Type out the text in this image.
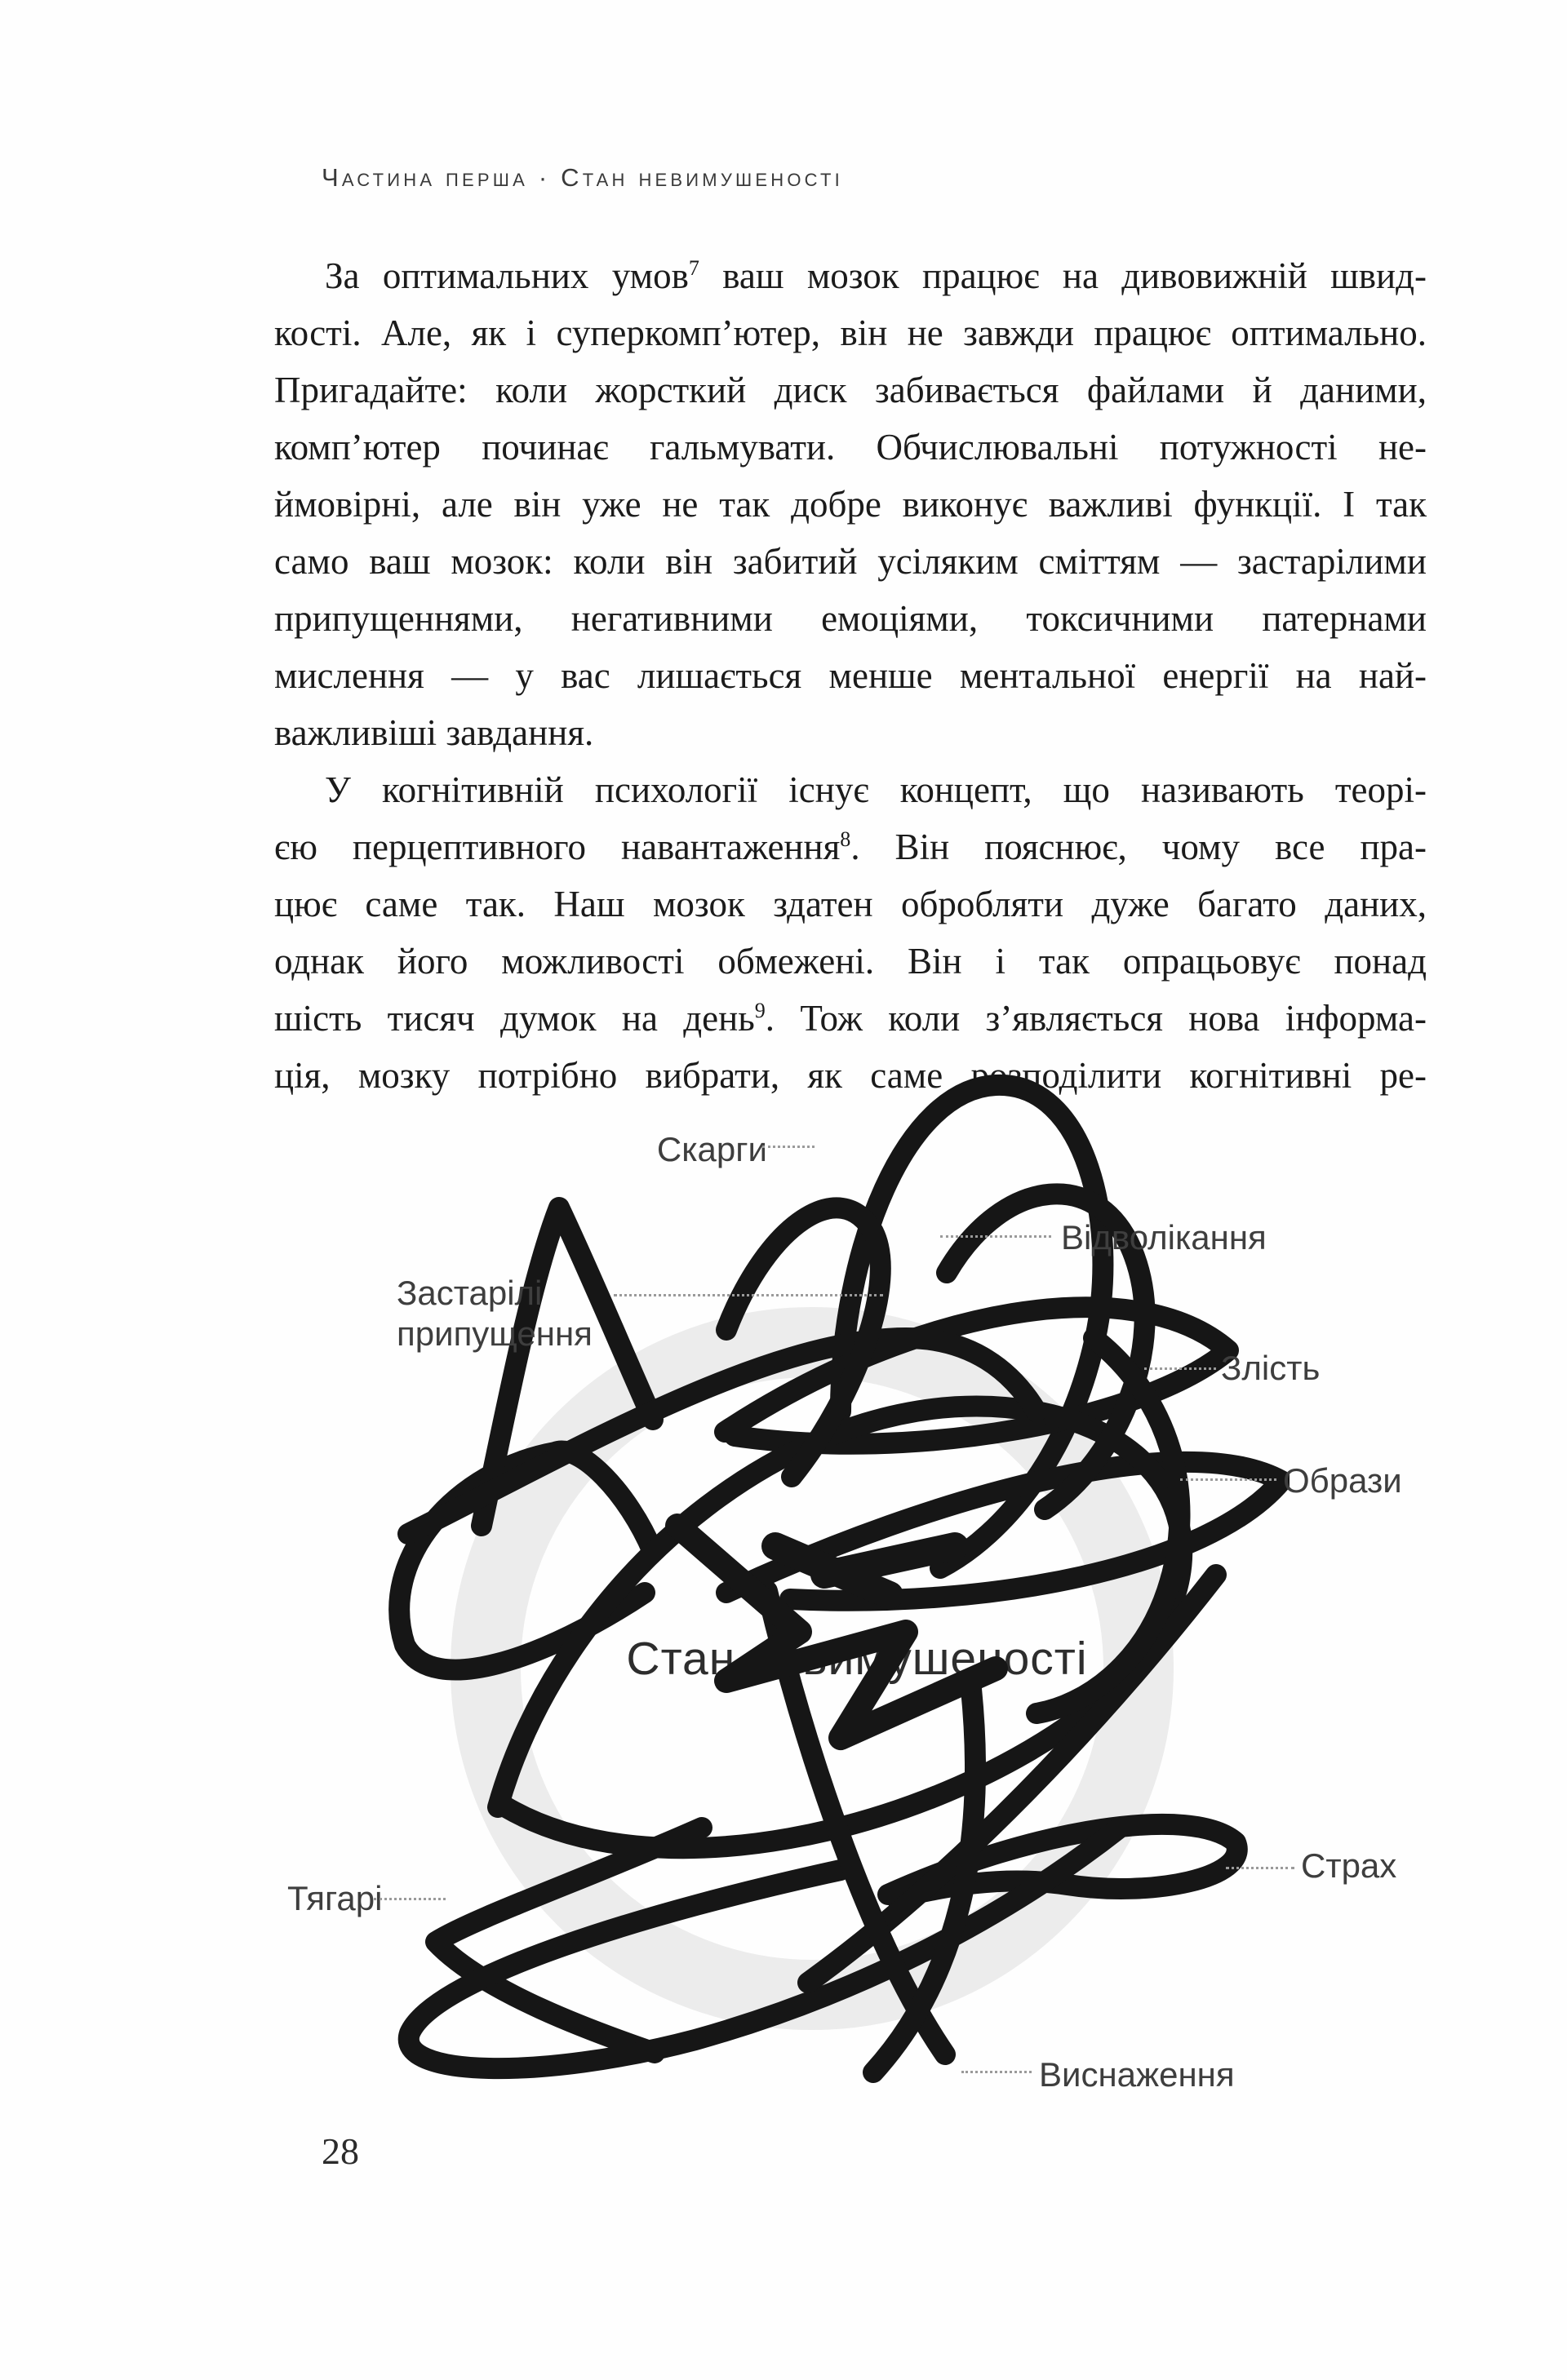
Частина перша · Стан невимушеності
За оптимальних умов$^7$ ваш мозок працює на дивовижній швид-
кості. Але, як і суперкомп’ютер, він не завжди працює оптимально.
Пригадайте: коли жорсткий диск забивається файлами й даними,
комп’ютер починає гальмувати. Обчислювальні потужності не-
ймовірні, але він уже не так добре виконує важливі функції. І так
само ваш мозок: коли він забитий усіляким сміттям — застарілими
припущеннями, негативними емоціями, токсичними патернами
мислення — у вас лишається менше ментальної енергії на най-
важливіші завдання.
У когнітивній психології існує концепт, що називають теорі-
єю перцептивного навантаження$^8$. Він пояснює, чому все пра-
цює саме так. Наш мозок здатен обробляти дуже багато даних,
однак його можливості обмежені. Він і так опрацьовує понад
шість тисяч думок на день$^9$. Тож коли з’являється нова інформа-
ція, мозку потрібно вибрати, як саме розподілити когнітивні ре-
Стан невимушеності
Скарги
Відволікання
Застарілі припущення
Злість
Образи
Страх
Тягарі
Виснаження
28
